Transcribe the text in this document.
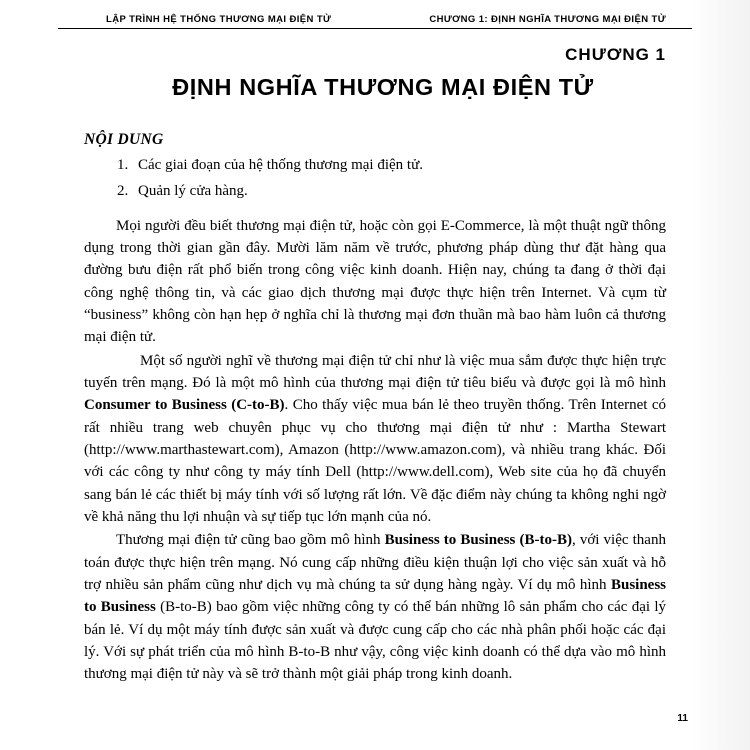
LẬP TRÌNH HỆ THỐNG THƯƠNG MẠI ĐIỆN TỬ	CHƯƠNG 1: ĐỊNH NGHĨA THƯƠNG MẠI ĐIỆN TỬ
CHƯƠNG 1
ĐỊNH NGHĨA THƯƠNG MẠI ĐIỆN TỬ
NỘI DUNG
1. Các giai đoạn của hệ thống thương mại điện tử.
2. Quản lý cửa hàng.

Mọi người đều biết thương mại điện tử, hoặc còn gọi E-Commerce, là một thuật ngữ thông dụng trong thời gian gần đây. Mười lăm năm về trước, phương pháp dùng thư đặt hàng qua đường bưu điện rất phổ biến trong công việc kinh doanh. Hiện nay, chúng ta đang ở thời đại công nghệ thông tin, và các giao dịch thương mại được thực hiện trên Internet. Và cụm từ “business” không còn hạn hẹp ở nghĩa chỉ là thương mại đơn thuần mà bao hàm luôn cả thương mại điện tử.

Một số người nghĩ về thương mại điện tử chỉ như là việc mua sắm được thực hiện trực tuyến trên mạng. Đó là một mô hình của thương mại điện tử tiêu biểu và được gọi là mô hình Consumer to Business (C-to-B). Cho thấy việc mua bán lẻ theo truyền thống. Trên Internet có rất nhiều trang web chuyên phục vụ cho thương mại điện tử như : Martha Stewart (http://www.marthastewart.com), Amazon (http://www.amazon.com), và nhiều trang khác. Đối với các công ty như công ty máy tính Dell (http://www.dell.com), Web site của họ đã chuyển sang bán lẻ các thiết bị máy tính với số lượng rất lớn. Về đặc điểm này chúng ta không nghi ngờ về khả năng thu lợi nhuận và sự tiếp tục lớn mạnh của nó.

Thương mại điện tử cũng bao gồm mô hình Business to Business (B-to-B), với việc thanh toán được thực hiện trên mạng. Nó cung cấp những điều kiện thuận lợi cho việc sản xuất và hỗ trợ nhiều sản phẩm cũng như dịch vụ mà chúng ta sử dụng hàng ngày. Ví dụ mô hình Business to Business (B-to-B) bao gồm việc những công ty có thể bán những lô sản phẩm cho các đại lý bán lẻ. Ví dụ một máy tính được sản xuất và được cung cấp cho các nhà phân phối hoặc các đại lý. Với sự phát triển của mô hình B-to-B như vậy, công việc kinh doanh có thể dựa vào mô hình thương mại điện tử này và sẽ trở thành một giải pháp trong kinh doanh.

11
